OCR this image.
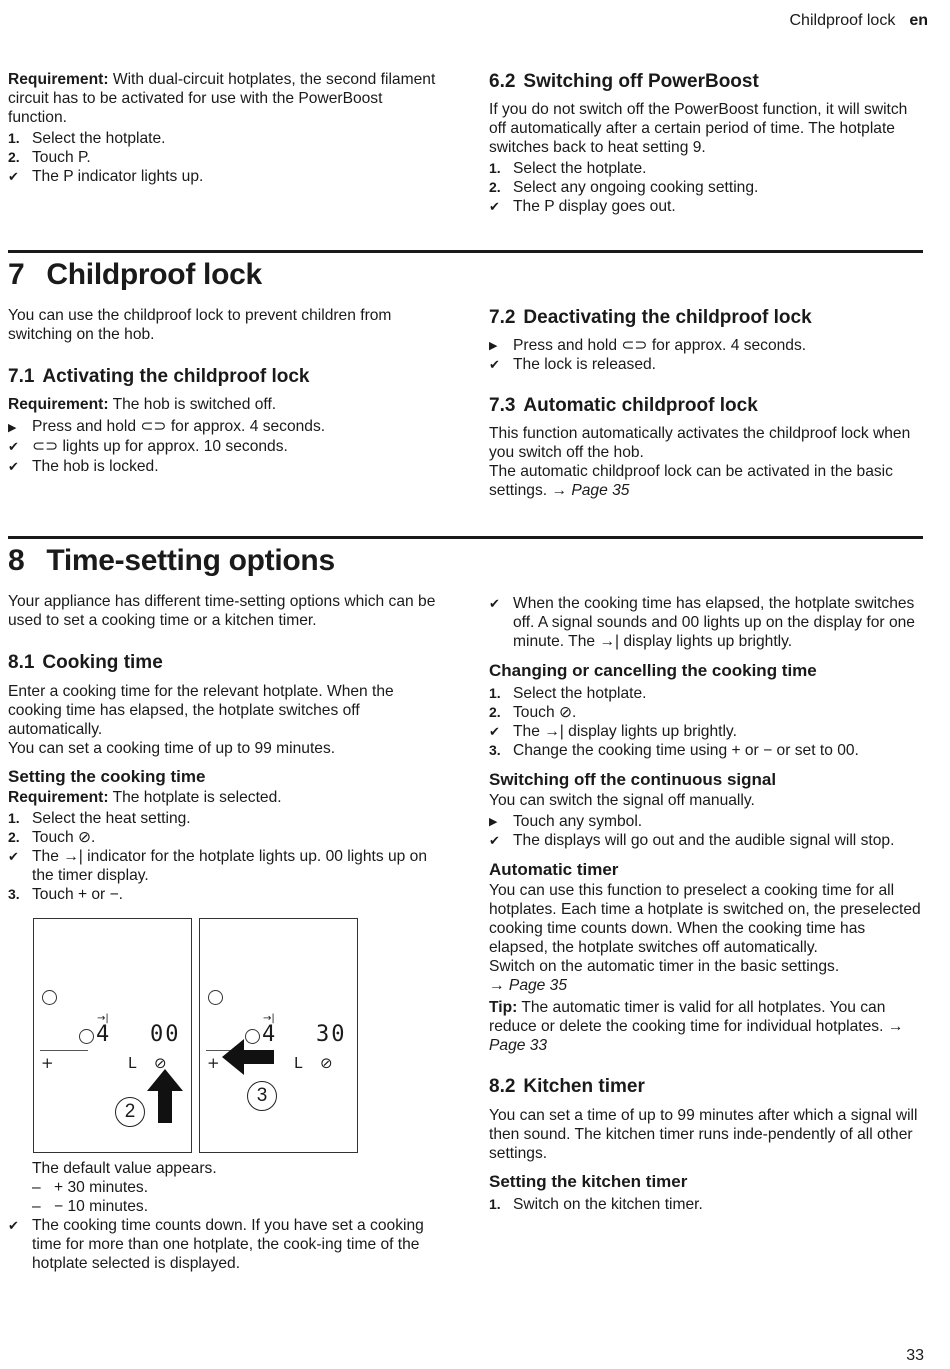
Childproof lock en

Requirement: With dual-circuit hotplates, the second filament circuit has to be activated for use with the PowerBoost function.

1. Select the hotplate.
2. Touch P.
✔ The P indicator lights up.
6.2 Switching off PowerBoost

If you do not switch off the PowerBoost function, it will switch off automatically after a certain period of time. The hotplate switches back to heat setting 9.

1. Select the hotplate.
2. Select any ongoing cooking setting.
✔ The P display goes out.
7 Childproof lock

You can use the childproof lock to prevent children from switching on the hob.

7.1 Activating the childproof lock

Requirement: The hob is switched off.

▶ Press and hold ⊂⊃ for approx. 4 seconds.
✔ ⊂⊃ lights up for approx. 10 seconds.
✔ The hob is locked.
7.2 Deactivating the childproof lock
▶ Press and hold ⊂⊃ for approx. 4 seconds.
✔ The lock is released.
7.3 Automatic childproof lock

This function automatically activates the childproof lock when you switch off the hob.

The automatic childproof lock can be activated in the basic settings. → Page 35

8 Time-setting options

Your appliance has different time-setting options which can be used to set a cooking time or a kitchen timer.

8.1 Cooking time

Enter a cooking time for the relevant hotplate. When the cooking time has elapsed, the hotplate switches off automatically.

You can set a cooking time of up to 99 minutes.

Setting the cooking time

Requirement: The hotplate is selected.

1. Select the heat setting.
2. Touch ⊘.
✔ The →| indicator for the hotplate lights up. 00 lights up on the timer display.
3. Touch + or −.
→|
4 00
+	L ⊘
2
→|
4 30
+	L ⊘
3

The default value appears.

– + 30 minutes.

– − 10 minutes.

✔ The cooking time counts down. If you have set a cooking time for more than one hotplate, the cook-ing time of the hotplate selected is displayed.
✔ When the cooking time has elapsed, the hotplate switches off. A signal sounds and 00 lights up on the display for one minute. The →| display lights up brightly.
Changing or cancelling the cooking time
1. Select the hotplate.
2. Touch ⊘.
✔ The →| display lights up brightly.
3. Change the cooking time using + or − or set to 00.
Switching off the continuous signal

You can switch the signal off manually.

▶ Touch any symbol.
✔ The displays will go out and the audible signal will stop.
Automatic timer

You can use this function to preselect a cooking time for all hotplates. Each time a hotplate is switched on, the preselected cooking time counts down. When the cooking time has elapsed, the hotplate switches off automatically.

Switch on the automatic timer in the basic settings.

→ Page 35

Tip: The automatic timer is valid for all hotplates. You can reduce or delete the cooking time for individual hotplates. → Page 33

8.2 Kitchen timer

You can set a time of up to 99 minutes after which a signal will then sound. The kitchen timer runs inde-pendently of all other settings.

Setting the kitchen timer
1. Switch on the kitchen timer.
33
